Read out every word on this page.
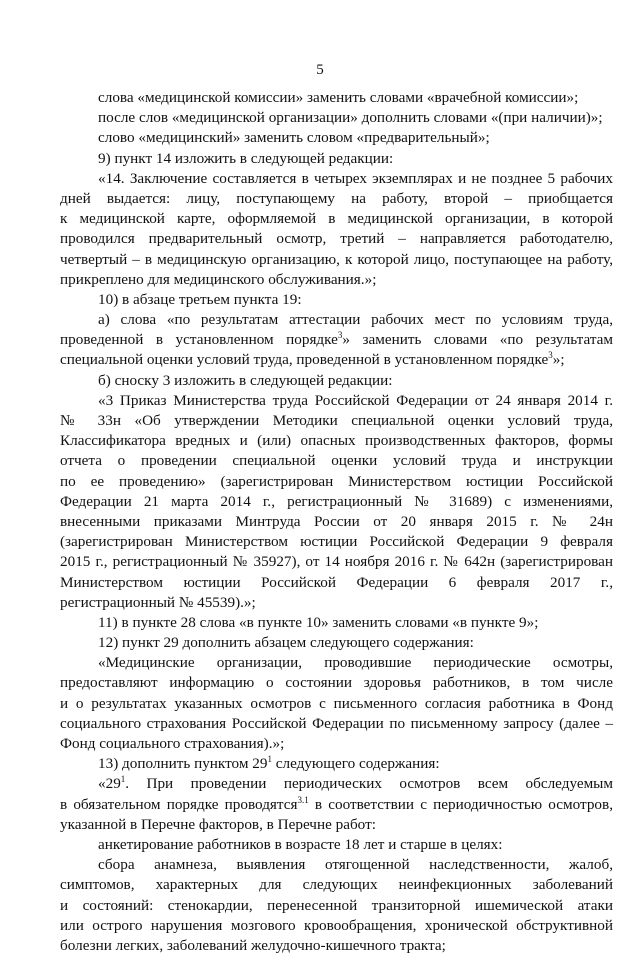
5
слова «медицинской комиссии» заменить словами «врачебной комиссии»;
после слов «медицинской организации» дополнить словами «(при наличии)»;
слово «медицинский» заменить словом «предварительный»;
9) пункт 14 изложить в следующей редакции:
«14. Заключение составляется в четырех экземплярах и не позднее 5 рабочих
дней выдается: лицу, поступающему на работу, второй – приобщается
к медицинской карте, оформляемой в медицинской организации, в которой
проводился предварительный осмотр, третий – направляется работодателю,
четвертый – в медицинскую организацию, к которой лицо, поступающее на работу,
прикреплено для медицинского обслуживания.»;
10) в абзаце третьем пункта 19:
а) слова «по результатам аттестации рабочих мест по условиям труда,
проведенной в установленном порядке$^3$» заменить словами «по результатам
специальной оценки условий труда, проведенной в установленном порядке$^3$»;
б) сноску 3 изложить в следующей редакции:
«3 Приказ Министерства труда Российской Федерации от 24 января 2014 г.
№ 33н «Об утверждении Методики специальной оценки условий труда,
Классификатора вредных и (или) опасных производственных факторов, формы
отчета о проведении специальной оценки условий труда и инструкции
по ее проведению» (зарегистрирован Министерством юстиции Российской
Федерации 21 марта 2014 г., регистрационный № 31689) с изменениями,
внесенными приказами Минтруда России от 20 января 2015 г. № 24н
(зарегистрирован Министерством юстиции Российской Федерации 9 февраля
2015 г., регистрационный № 35927), от 14 ноября 2016 г. № 642н (зарегистрирован
Министерством юстиции Российской Федерации 6 февраля 2017 г.,
регистрационный № 45539).»;
11) в пункте 28 слова «в пункте 10» заменить словами «в пункте 9»;
12) пункт 29 дополнить абзацем следующего содержания:
«Медицинские организации, проводившие периодические осмотры,
предоставляют информацию о состоянии здоровья работников, в том числе
и о результатах указанных осмотров с письменного согласия работника в Фонд
социального страхования Российской Федерации по письменному запросу (далее –
Фонд социального страхования).»;
13) дополнить пунктом $29^1$ следующего содержания:
«$29^1$. При проведении периодических осмотров всем обследуемым
в обязательном порядке проводятся$^{3.1}$ в соответствии с периодичностью осмотров,
указанной в Перечне факторов, в Перечне работ:
анкетирование работников в возрасте 18 лет и старше в целях:
сбора анамнеза, выявления отягощенной наследственности, жалоб,
симптомов, характерных для следующих неинфекционных заболеваний
и состояний: стенокардии, перенесенной транзиторной ишемической атаки
или острого нарушения мозгового кровообращения, хронической обструктивной
болезни легких, заболеваний желудочно-кишечного тракта;
